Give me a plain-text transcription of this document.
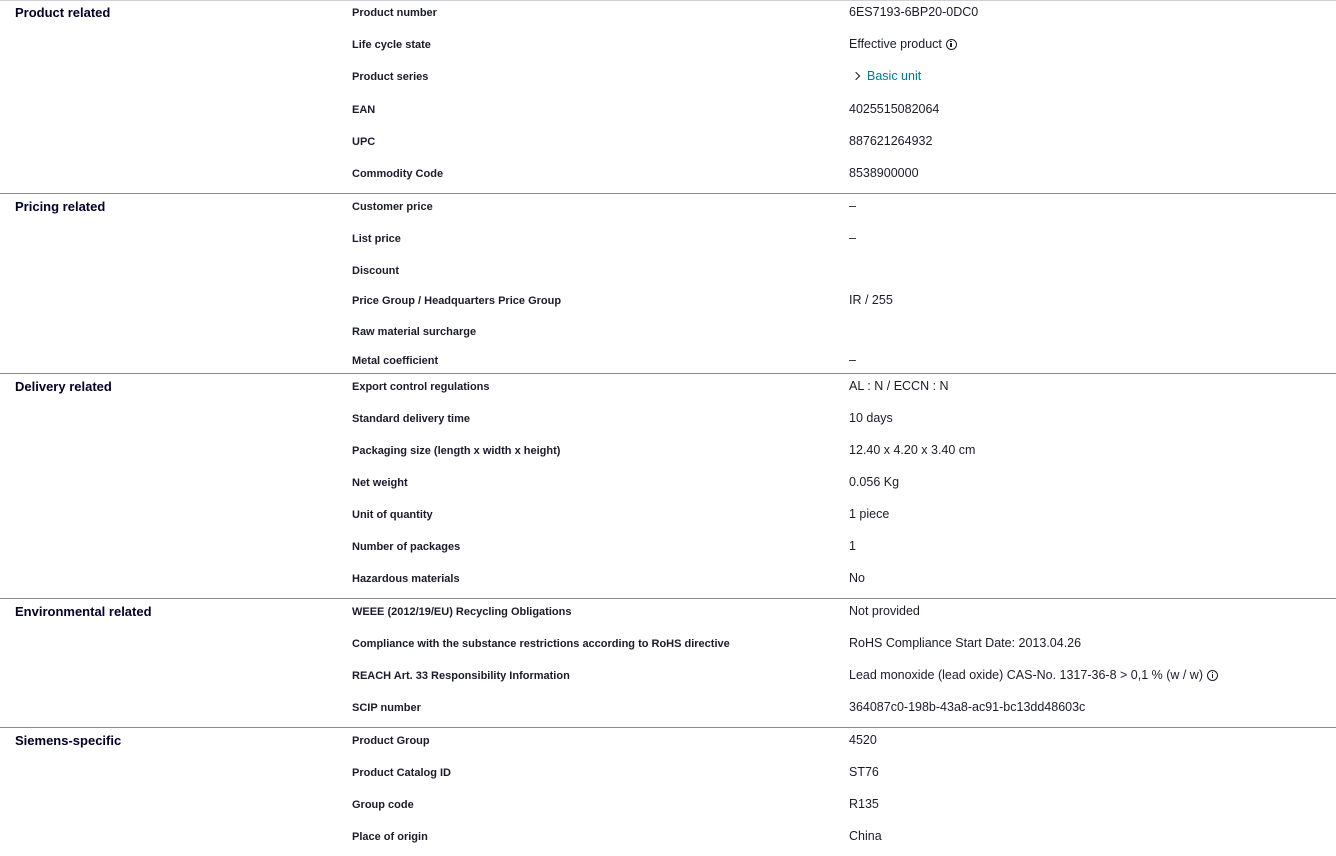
Product related	Product number	6ES7193-6BP20-0DC0
Life cycle state	Effective product
Product series	Basic unit
EAN	4025515082064
UPC	887621264932
Commodity Code	8538900000
Pricing related	Customer price	–
List price	–
Discount
Price Group / Headquarters Price Group	IR / 255
Raw material surcharge
Metal coefficient	–
Delivery related	Export control regulations	AL : N / ECCN : N
Standard delivery time	10 days
Packaging size (length x width x height)	12.40 x 4.20 x 3.40 cm
Net weight	0.056 Kg
Unit of quantity	1 piece
Number of packages	1
Hazardous materials	No
Environmental related	WEEE (2012/19/EU) Recycling Obligations	Not provided
Compliance with the substance restrictions according to RoHS directive	RoHS Compliance Start Date: 2013.04.26
REACH Art. 33 Responsibility Information	Lead monoxide (lead oxide) CAS-No. 1317-36-8 > 0,1 % (w / w)
SCIP number	364087c0-198b-43a8-ac91-bc13dd48603c
Siemens-specific	Product Group	4520
Product Catalog ID	ST76
Group code	R135
Place of origin	China
